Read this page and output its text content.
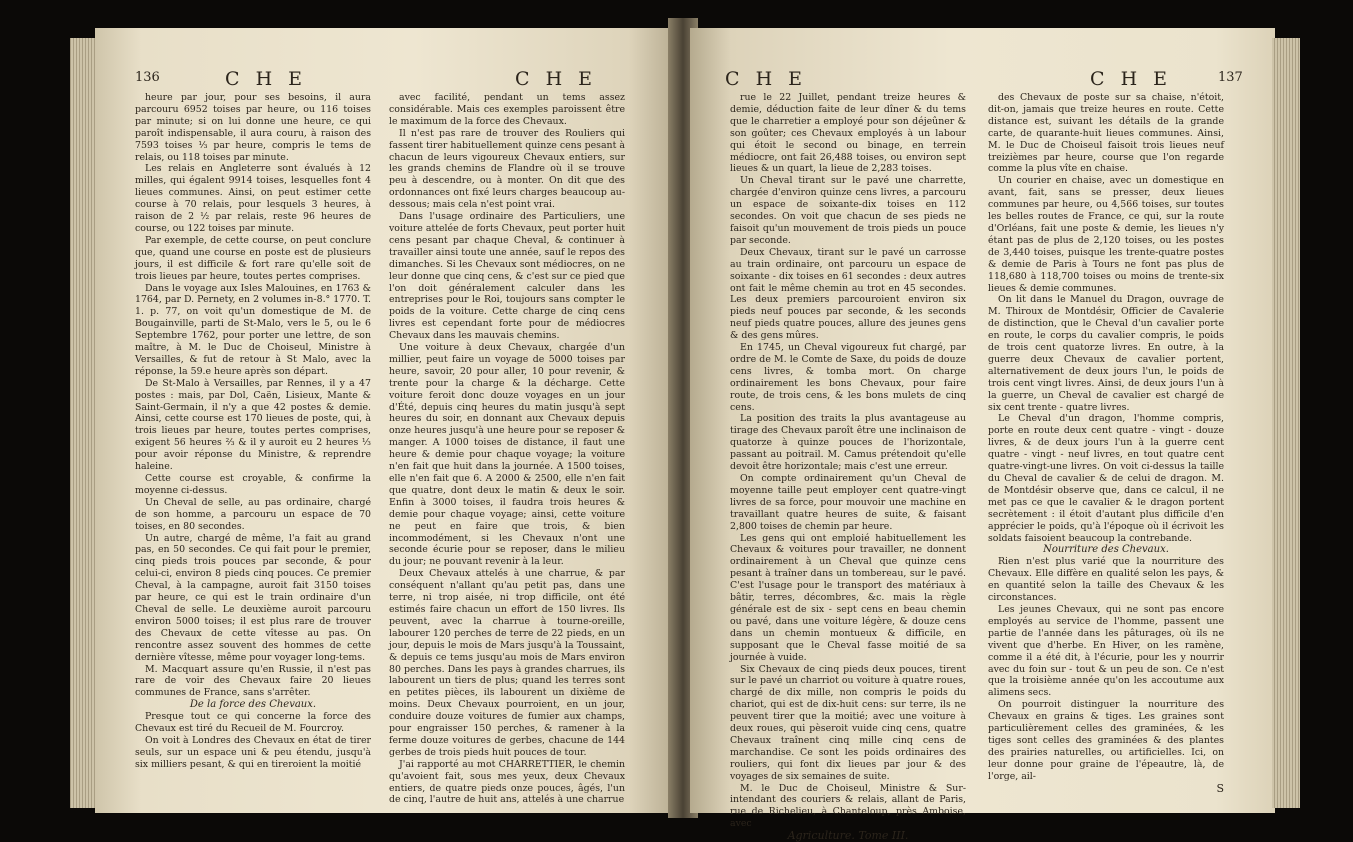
136	C H E	C H E

heure par jour, pour ses besoins, il aura parcouru 6952 toises par heure, ou 116 toises par minute; si on lui donne une heure, ce qui paroît indispensable, il aura couru, à raison des 7593 toises ⅓ par heure, compris le tems de relais, ou 118 toises par minute.

Les relais en Angleterre sont évalués à 12 milles, qui égalent 9914 toises, lesquelles font 4 lieues communes. Ainsi, on peut estimer cette course à 70 relais, pour lesquels 3 heures, à raison de 2 ½ par relais, reste 96 heures de course, ou 122 toises par minute.

Par exemple, de cette course, on peut conclure que, quand une course en poste est de plusieurs jours, il est difficile & fort rare qu'elle soit de trois lieues par heure, toutes pertes comprises.

Dans le voyage aux Isles Malouines, en 1763 & 1764, par D. Pernety, en 2 volumes in-8.° 1770. T. 1. p. 77, on voit qu'un domestique de M. de Bougainville, parti de St-Malo, vers le 5, ou le 6 Septembre 1762, pour porter une lettre, de son maître, à M. le Duc de Choiseul, Ministre à Versailles, & fut de retour à St Malo, avec la réponse, la 59.e heure après son départ.

De St-Malo à Versailles, par Rennes, il y a 47 postes : mais, par Dol, Caën, Lisieux, Mante & Saint-Germain, il n'y a que 42 postes & demie. Ainsi, cette course est 170 lieues de poste, qui, à trois lieues par heure, toutes pertes comprises, exigent 56 heures ⅔ & il y auroit eu 2 heures ⅓ pour avoir réponse du Ministre, & reprendre haleine.

Cette course est croyable, & confirme la moyenne ci-dessus.

Un Cheval de selle, au pas ordinaire, chargé de son homme, a parcouru un espace de 70 toises, en 80 secondes.

Un autre, chargé de même, l'a fait au grand pas, en 50 secondes. Ce qui fait pour le premier, cinq pieds trois pouces par seconde, & pour celui-ci, environ 8 pieds cinq pouces. Ce premier Cheval, à la campagne, auroit fait 3150 toises par heure, ce qui est le train ordinaire d'un Cheval de selle. Le deuxième auroit parcouru environ 5000 toises; il est plus rare de trouver des Chevaux de cette vîtesse au pas. On rencontre assez souvent des hommes de cette dernière vîtesse, même pour voyager long-tems.

M. Macquart assure qu'en Russie, il n'est pas rare de voir des Chevaux faire 20 lieues communes de France, sans s'arrêter.

De la force des Chevaux.

Presque tout ce qui concerne la force des Chevaux est tiré du Recueil de M. Fourcroy.

On voit à Londres des Chevaux en état de tirer seuls, sur un espace uni & peu étendu, jusqu'à six milliers pesant, & qui en tireroient la moitié

avec facilité, pendant un tems assez considérable. Mais ces exemples paroissent être le maximum de la force des Chevaux.

Il n'est pas rare de trouver des Rouliers qui fassent tirer habituellement quinze cens pesant à chacun de leurs vigoureux Chevaux entiers, sur les grands chemins de Flandre où il se trouve peu à descendre, ou à monter. On dit que des ordonnances ont fixé leurs charges beaucoup au-dessous; mais cela n'est point vrai.

Dans l'usage ordinaire des Particuliers, une voiture attelée de forts Chevaux, peut porter huit cens pesant par chaque Cheval, & continuer à travailler ainsi toute une année, sauf le repos des dimanches. Si les Chevaux sont médiocres, on ne leur donne que cinq cens, & c'est sur ce pied que l'on doit généralement calculer dans les entreprises pour le Roi, toujours sans compter le poids de la voiture. Cette charge de cinq cens livres est cependant forte pour de médiocres Chevaux dans les mauvais chemins.

Une voiture à deux Chevaux, chargée d'un millier, peut faire un voyage de 5000 toises par heure, savoir, 20 pour aller, 10 pour revenir, & trente pour la charge & la décharge. Cette voiture feroit donc douze voyages en un jour d'Été, depuis cinq heures du matin jusqu'à sept heures du soir, en donnant aux Chevaux depuis onze heures jusqu'à une heure pour se reposer & manger. A 1000 toises de distance, il faut une heure & demie pour chaque voyage; la voiture n'en fait que huit dans la journée. A 1500 toises, elle n'en fait que 6. A 2000 & 2500, elle n'en fait que quatre, dont deux le matin & deux le soir. Enfin à 3000 toises, il faudra trois heures & demie pour chaque voyage; ainsi, cette voiture ne peut en faire que trois, & bien incommodément, si les Chevaux n'ont une seconde écurie pour se reposer, dans le milieu du jour; ne pouvant revenir à la leur.

Deux Chevaux attelés à une charrue, & par conséquent n'allant qu'au petit pas, dans une terre, ni trop aisée, ni trop difficile, ont été estimés faire chacun un effort de 150 livres. Ils peuvent, avec la charrue à tourne-oreille, labourer 120 perches de terre de 22 pieds, en un jour, depuis le mois de Mars jusqu'à la Toussaint, & depuis ce tems jusqu'au mois de Mars environ 80 perches. Dans les pays à grandes charrues, ils labourent un tiers de plus; quand les terres sont en petites pièces, ils labourent un dixième de moins. Deux Chevaux pourroient, en un jour, conduire douze voitures de fumier aux champs, pour engraisser 150 perches, & ramener à la ferme douze voitures de gerbes, chacune de 144 gerbes de trois pieds huit pouces de tour.

J'ai rapporté au mot CHARRETTIER, le chemin qu'avoient fait, sous mes yeux, deux Chevaux entiers, de quatre pieds onze pouces, âgés, l'un de cinq, l'autre de huit ans, attelés à une charrue

C H E	C H E	137

rue le 22 Juillet, pendant treize heures & demie, déduction faite de leur dîner & du tems que le charretier a employé pour son déjeûner & son goûter; ces Chevaux employés à un labour qui étoit le second ou binage, en terrein médiocre, ont fait 26,488 toises, ou environ sept lieues & un quart, la lieue de 2,283 toises.

Un Cheval tirant sur le pavé une charrette, chargée d'environ quinze cens livres, a parcouru un espace de soixante-dix toises en 112 secondes. On voit que chacun de ses pieds ne faisoit qu'un mouvement de trois pieds un pouce par seconde.

Deux Chevaux, tirant sur le pavé un carrosse au train ordinaire, ont parcouru un espace de soixante - dix toises en 61 secondes : deux autres ont fait le même chemin au trot en 45 secondes. Les deux premiers parcouroient environ six pieds neuf pouces par seconde, & les seconds neuf pieds quatre pouces, allure des jeunes gens & des gens mûres.

En 1745, un Cheval vigoureux fut chargé, par ordre de M. le Comte de Saxe, du poids de douze cens livres, & tomba mort. On charge ordinairement les bons Chevaux, pour faire route, de trois cens, & les bons mulets de cinq cens.

La position des traits la plus avantageuse au tirage des Chevaux paroît être une inclinaison de quatorze à quinze pouces de l'horizontale, passant au poitrail. M. Camus prétendoit qu'elle devoit être horizontale; mais c'est une erreur.

On compte ordinairement qu'un Cheval de moyenne taille peut employer cent quatre-vingt livres de sa force, pour mouvoir une machine en travaillant quatre heures de suite, & faisant 2,800 toises de chemin par heure.

Les gens qui ont emploié habituellement les Chevaux & voitures pour travailler, ne donnent ordinairement à un Cheval que quinze cens pesant à traîner dans un tombereau, sur le pavé. C'est l'usage pour le transport des matériaux à bâtir, terres, décombres, &c. mais la règle générale est de six - sept cens en beau chemin ou pavé, dans une voiture légère, & douze cens dans un chemin montueux & difficile, en supposant que le Cheval fasse moitié de sa journée à vuide.

Six Chevaux de cinq pieds deux pouces, tirent sur le pavé un charriot ou voiture à quatre roues, chargé de dix mille, non compris le poids du chariot, qui est de dix-huit cens: sur terre, ils ne peuvent tirer que la moitié; avec une voiture à deux roues, qui pèseroit vuide cinq cens, quatre Chevaux traînent cinq mille cinq cens de marchandise. Ce sont les poids ordinaires des rouliers, qui font dix lieues par jour & des voyages de six semaines de suite.

M. le Duc de Choiseul, Ministre & Sur-intendant des couriers & relais, allant de Paris, rue de Richelieu, à Chanteloup, près Amboise, avec

Agriculture. Tome III.

des Chevaux de poste sur sa chaise, n'étoit, dit-on, jamais que treize heures en route. Cette distance est, suivant les détails de la grande carte, de quarante-huit lieues communes. Ainsi, M. le Duc de Choiseul faisoit trois lieues neuf treizièmes par heure, course que l'on regarde comme la plus vîte en chaise.

Un courier en chaise, avec un domestique en avant, fait, sans se presser, deux lieues communes par heure, ou 4,566 toises, sur toutes les belles routes de France, ce qui, sur la route d'Orléans, fait une poste & demie, les lieues n'y étant pas de plus de 2,120 toises, ou les postes de 3,440 toises, puisque les trente-quatre postes & demie de Paris à Tours ne font pas plus de 118,680 à 118,700 toises ou moins de trente-six lieues & demie communes.

On lit dans le Manuel du Dragon, ouvrage de M. Thiroux de Montdésir, Officier de Cavalerie de distinction, que le Cheval d'un cavalier porte en route, le corps du cavalier compris, le poids de trois cent quatorze livres. En outre, à la guerre deux Chevaux de cavalier portent, alternativement de deux jours l'un, le poids de trois cent vingt livres. Ainsi, de deux jours l'un à la guerre, un Cheval de cavalier est chargé de six cent trente - quatre livres.

Le Cheval d'un dragon, l'homme compris, porte en route deux cent quatre - vingt - douze livres, & de deux jours l'un à la guerre cent quatre - vingt - neuf livres, en tout quatre cent quatre-vingt-une livres. On voit ci-dessus la taille du Cheval de cavalier & de celui de dragon. M. de Montdésir observe que, dans ce calcul, il ne met pas ce que le cavalier & le dragon portent secrètement : il étoit d'autant plus difficile d'en apprécier le poids, qu'à l'époque où il écrivoit les soldats faisoient beaucoup la contrebande.

Nourriture des Chevaux.

Rien n'est plus varié que la nourriture des Chevaux. Elle diffère en qualité selon les pays, & en quantité selon la taille des Chevaux & les circonstances.

Les jeunes Chevaux, qui ne sont pas encore employés au service de l'homme, passent une partie de l'année dans les pâturages, où ils ne vivent que d'herbe. En Hiver, on les ramène, comme il a été dit, à l'écurie, pour les y nourrir avec du foin sur - tout & un peu de son. Ce n'est que la troisième année qu'on les accoutume aux alimens secs.

On pourroit distinguer la nourriture des Chevaux en grains & tiges. Les graines sont particulièrement celles des graminées, & les tiges sont celles des graminées & des plantes des prairies naturelles, ou artificielles. Ici, on leur donne pour graine de l'épeautre, là, de l'orge, ail-

S
